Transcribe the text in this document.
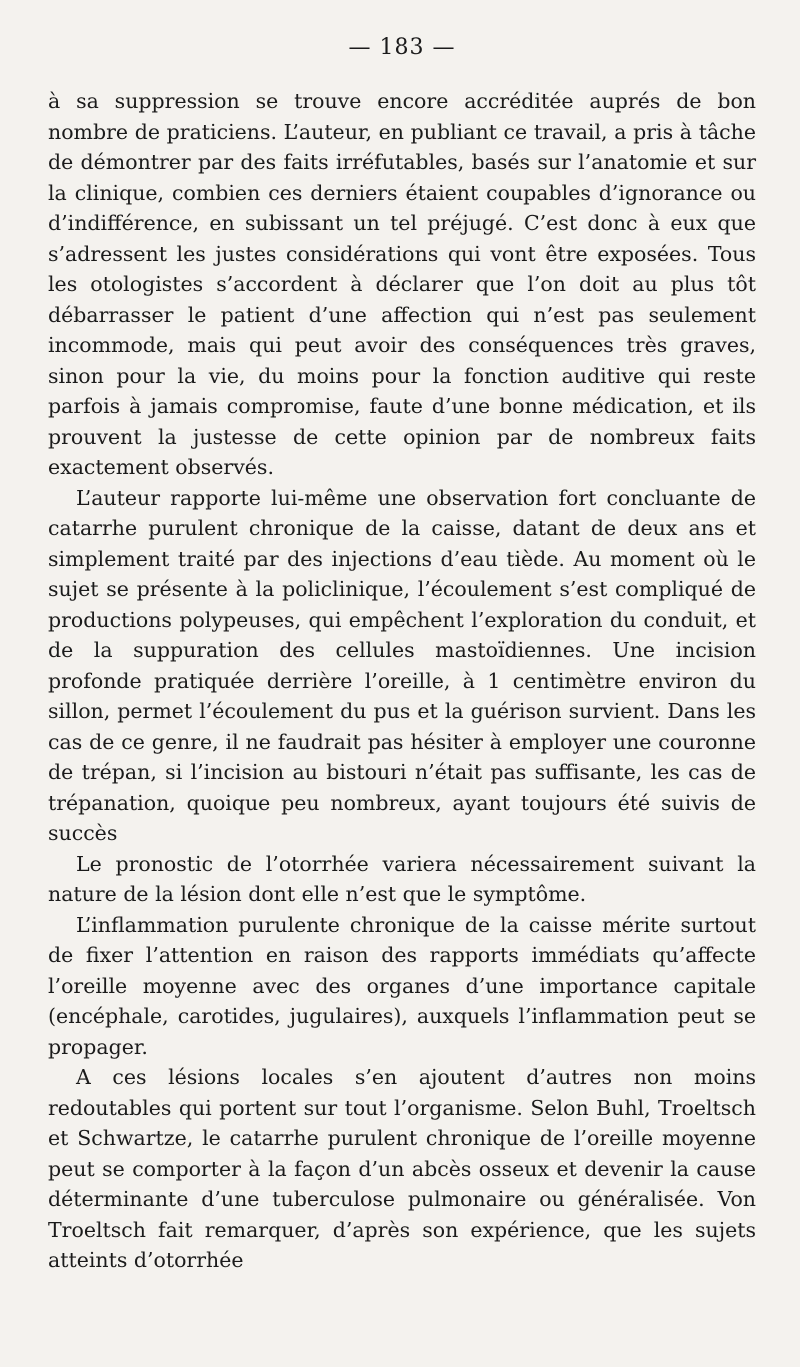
— 183 —

à sa suppression se trouve encore accréditée auprés de bon nombre de praticiens. L’auteur, en publiant ce travail, a pris à tâche de démontrer par des faits irréfutables, basés sur l’anatomie et sur la clinique, combien ces derniers étaient coupables d’ignorance ou d’indifférence, en subissant un tel préjugé. C’est donc à eux que s’adressent les justes considérations qui vont être exposées. Tous les otologistes s’accordent à déclarer que l’on doit au plus tôt débarrasser le patient d’une affection qui n’est pas seulement incommode, mais qui peut avoir des conséquences très graves, sinon pour la vie, du moins pour la fonction auditive qui reste parfois à jamais compromise, faute d’une bonne médication, et ils prouvent la justesse de cette opinion par de nombreux faits exactement observés.

L’auteur rapporte lui-même une observation fort concluante de catarrhe purulent chronique de la caisse, datant de deux ans et simplement traité par des injections d’eau tiède. Au moment où le sujet se présente à la policlinique, l’écoulement s’est compliqué de productions polypeuses, qui empêchent l’exploration du conduit, et de la suppuration des cellules mastoïdiennes. Une incision profonde pratiquée derrière l’oreille, à 1 centimètre environ du sillon, permet l’écoulement du pus et la guérison survient. Dans les cas de ce genre, il ne faudrait pas hésiter à employer une couronne de trépan, si l’incision au bistouri n’était pas suffisante, les cas de trépanation, quoique peu nombreux, ayant toujours été suivis de succès

Le pronostic de l’otorrhée variera nécessairement suivant la nature de la lésion dont elle n’est que le symptôme.

L’inflammation purulente chronique de la caisse mérite surtout de fixer l’attention en raison des rapports immédiats qu’affecte l’oreille moyenne avec des organes d’une importance capitale (encéphale, carotides, jugulaires), auxquels l’inflammation peut se propager.

A ces lésions locales s’en ajoutent d’autres non moins redoutables qui portent sur tout l’organisme. Selon Buhl, Troeltsch et Schwartze, le catarrhe purulent chronique de l’oreille moyenne peut se comporter à la façon d’un abcès osseux et devenir la cause déterminante d’une tuberculose pulmonaire ou généralisée. Von Troeltsch fait remarquer, d’après son expérience, que les sujets atteints d’otorrhée
